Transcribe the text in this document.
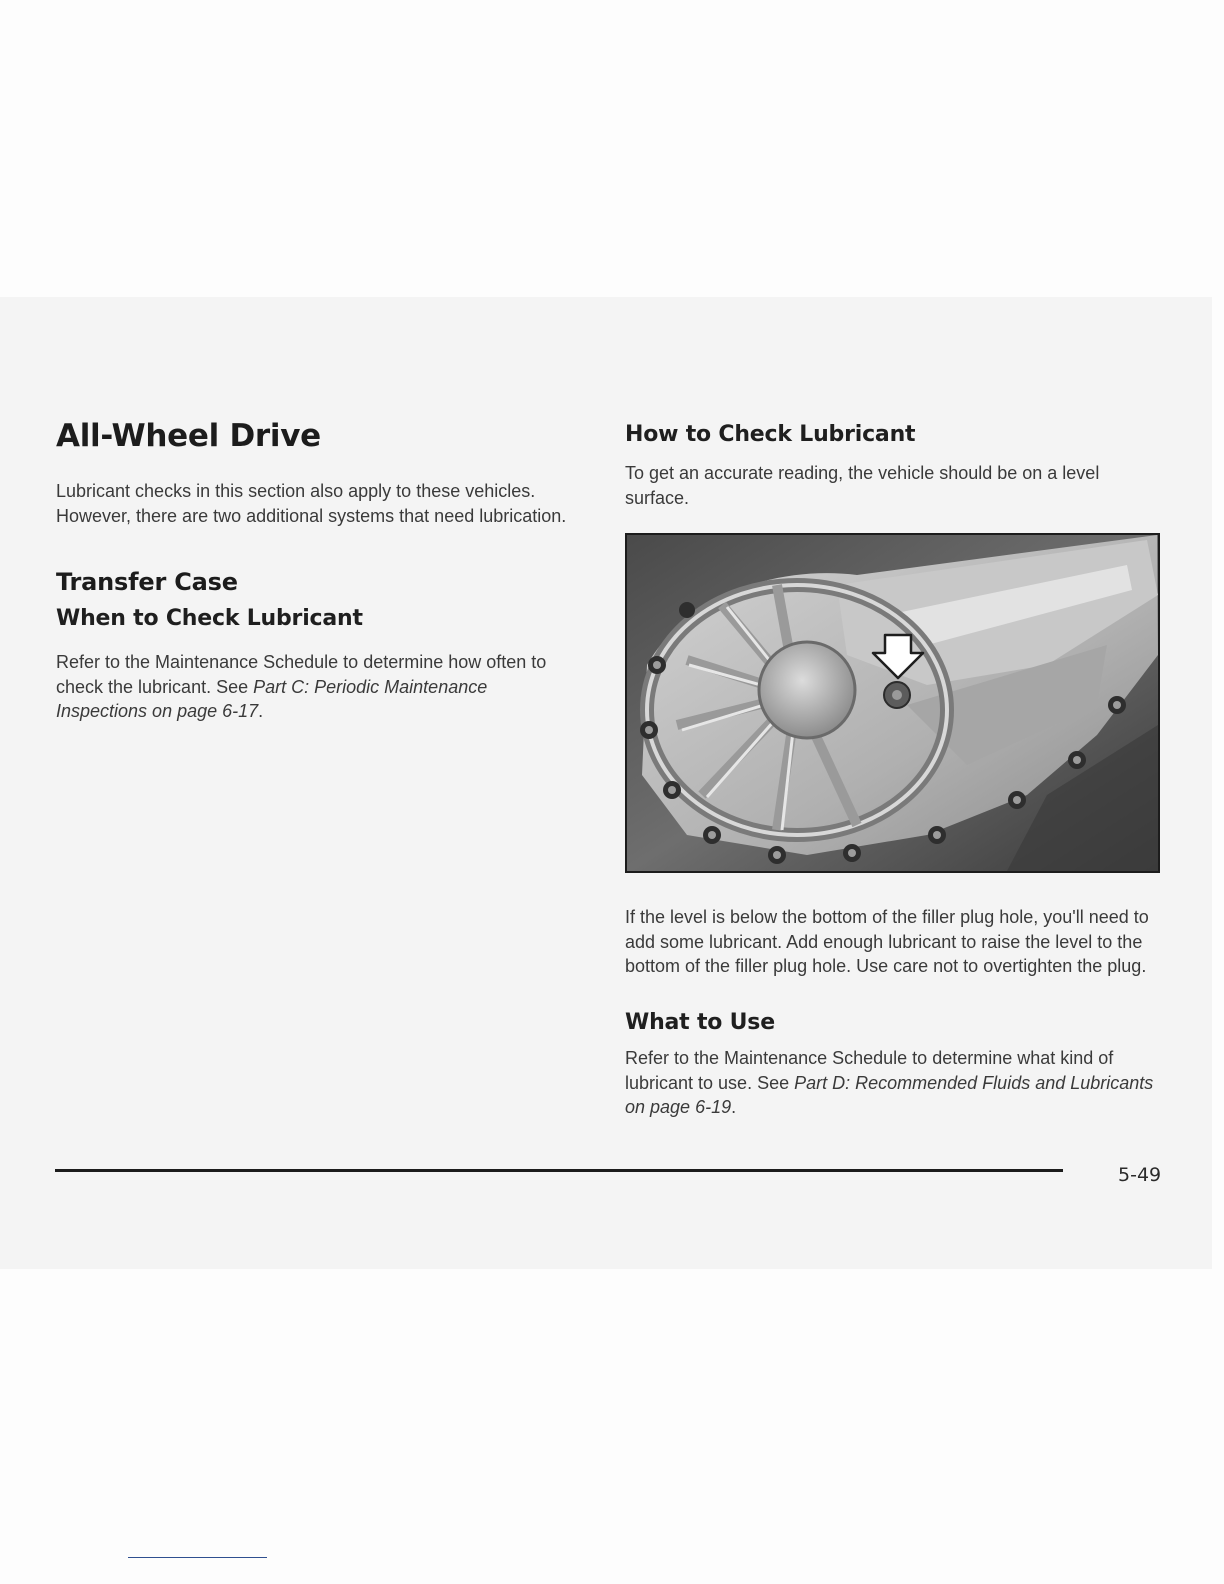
All-Wheel Drive

Lubricant checks in this section also apply to these vehicles. However, there are two additional systems that need lubrication.

Transfer Case
When to Check Lubricant

Refer to the Maintenance Schedule to determine how often to check the lubricant. See Part C: Periodic Maintenance Inspections on page 6-17.

How to Check Lubricant

To get an accurate reading, the vehicle should be on a level surface.

If the level is below the bottom of the filler plug hole, you'll need to add some lubricant. Add enough lubricant to raise the level to the bottom of the filler plug hole. Use care not to overtighten the plug.

What to Use

Refer to the Maintenance Schedule to determine what kind of lubricant to use. See Part D: Recommended Fluids and Lubricants on page 6-19.

5-49
